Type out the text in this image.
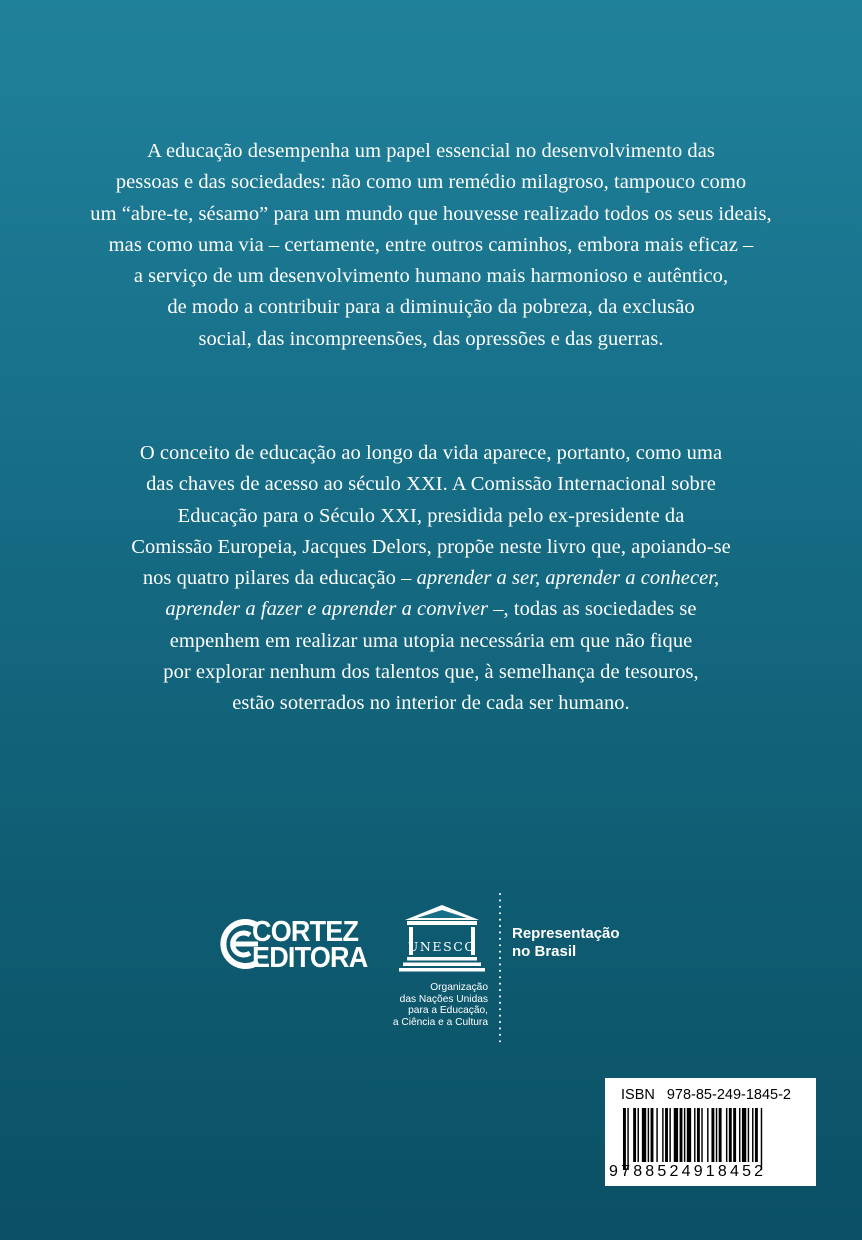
A educação desempenha um papel essencial no desenvolvimento das
pessoas e das sociedades: não como um remédio milagroso, tampouco como
um “abre-te, sésamo” para um mundo que houvesse realizado todos os seus ideais,
mas como uma via – certamente, entre outros caminhos, embora mais eficaz –
a serviço de um desenvolvimento humano mais harmonioso e autêntico,
de modo a contribuir para a diminuição da pobreza, da exclusão
social, das incompreensões, das opressões e das guerras.
O conceito de educação ao longo da vida aparece, portanto, como uma
das chaves de acesso ao século XXI. A Comissão Internacional sobre
Educação para o Século XXI, presidida pelo ex-presidente da
Comissão Europeia, Jacques Delors, propõe neste livro que, apoiando-se
nos quatro pilares da educação – aprender a ser, aprender a conhecer,
aprender a fazer e aprender a conviver –, todas as sociedades se
empenhem em realizar uma utopia necessária em que não fique
por explorar nenhum dos talentos que, à semelhança de tesouros,
estão soterrados no interior de cada ser humano.
CORTEZ
EDITORA	UNESCO
Organização
das Nações Unidas
para a Educação,
a Ciência e a Cultura
Representação
no Brasil
ISBN 978-85-249-1845-2
9788524918452
